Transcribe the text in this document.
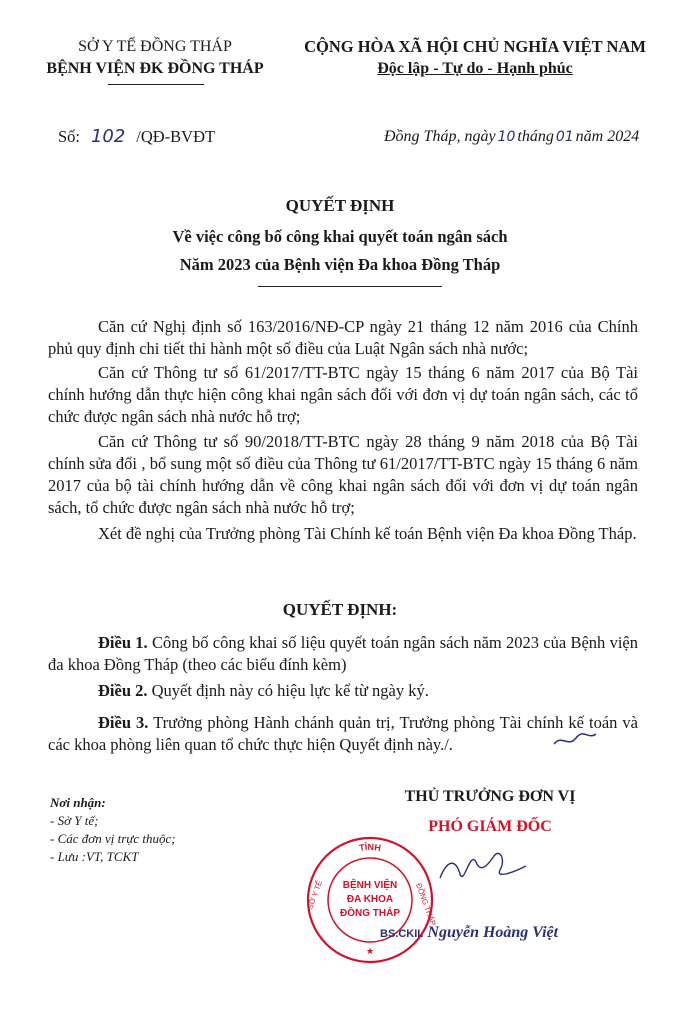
SỞ Y TẾ ĐỒNG THÁP
BỆNH VIỆN ĐK ĐỒNG THÁP
CỘNG HÒA XÃ HỘI CHỦ NGHĨA VIỆT NAM
Độc lập - Tự do - Hạnh phúc
Số: 102 /QĐ-BVĐT	Đồng Tháp, ngày 10 tháng 01 năm 2024
QUYẾT ĐỊNH
Về việc công bố công khai quyết toán ngân sách
Năm 2023 của Bệnh viện Đa khoa Đồng Tháp
Căn cứ Nghị định số 163/2016/NĐ-CP ngày 21 tháng 12 năm 2016 của Chính phủ quy định chi tiết thi hành một số điều của Luật Ngân sách nhà nước;
Căn cứ Thông tư số 61/2017/TT-BTC ngày 15 tháng 6 năm 2017 của Bộ Tài chính hướng dẫn thực hiện công khai ngân sách đối với đơn vị dự toán ngân sách, các tổ chức được ngân sách nhà nước hỗ trợ;
Căn cứ Thông tư số 90/2018/TT-BTC ngày 28 tháng 9 năm 2018 của Bộ Tài chính sửa đổi , bổ sung một số điều của Thông tư 61/2017/TT-BTC ngày 15 tháng 6 năm 2017 của bộ tài chính hướng dẫn về công khai ngân sách đối với đơn vị dự toán ngân sách, tổ chức được ngân sách nhà nước hỗ trợ;
Xét đề nghị của Trưởng phòng Tài Chính kế toán Bệnh viện Đa khoa Đồng Tháp.
QUYẾT ĐỊNH:
Điều 1. Công bố công khai số liệu quyết toán ngân sách năm 2023 của Bệnh viện đa khoa Đồng Tháp (theo các biểu đính kèm)
Điều 2. Quyết định này có hiệu lực kể từ ngày ký.
Điều 3. Trưởng phòng Hành chánh quản trị, Trưởng phòng Tài chính kế toán và các khoa phòng liên quan tổ chức thực hiện Quyết định này./.
Nơi nhận:
- Sở Y tế;
- Các đơn vị trực thuộc;
- Lưu :VT, TCKT
THỦ TRƯỞNG ĐƠN VỊ
PHÓ GIÁM ĐỐC
TỈNH
SỞ Y TẾ	ĐỒNG THÁP
BỆNH VIỆN
ĐA KHOA
ĐỒNG THÁP
★
BS.CKII. Nguyễn Hoàng Việt
